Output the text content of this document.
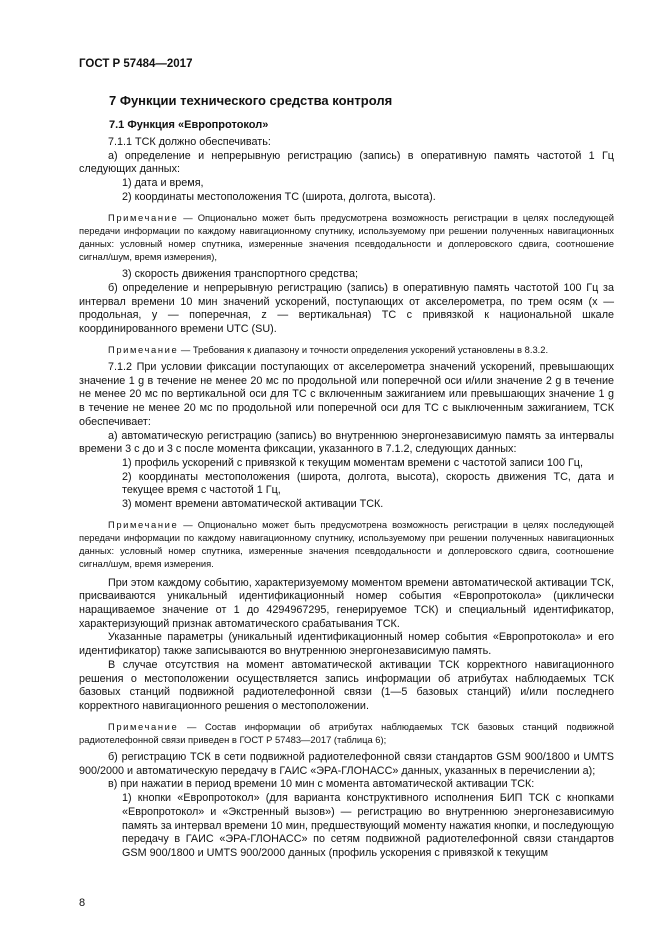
ГОСТ Р 57484—2017
7 Функции технического средства контроля
7.1 Функция «Европротокол»

7.1.1 ТСК должно обеспечивать:

а) определение и непрерывную регистрацию (запись) в оперативную память частотой 1 Гц следующих данных:

1) дата и время,

2) координаты местоположения ТС (широта, долгота, высота).

Примечание — Опционально может быть предусмотрена возможность регистрации в целях последующей передачи информации по каждому навигационному спутнику, используемому при решении полученных навигационных данных: условный номер спутника, измеренные значения псевдодальности и доплеровского сдвига, соотношение сигнал/шум, время измерения),

3) скорость движения транспортного средства;

б) определение и непрерывную регистрацию (запись) в оперативную память частотой 100 Гц за интервал времени 10 мин значений ускорений, поступающих от акселерометра, по трем осям (x — продольная, y — поперечная, z — вертикальная) ТС с привязкой к национальной шкале координированного времени UTC (SU).

Примечание — Требования к диапазону и точности определения ускорений установлены в 8.3.2.

7.1.2 При условии фиксации поступающих от акселерометра значений ускорений, превышающих значение 1 g в течение не менее 20 мс по продольной или поперечной оси и/или значение 2 g в течение не менее 20 мс по вертикальной оси для ТС с включенным зажиганием или превышающих значение 1 g в течение не менее 20 мс по продольной или поперечной оси для ТС с выключенным зажиганием, ТСК обеспечивает:

а) автоматическую регистрацию (запись) во внутреннюю энергонезависимую память за интервалы времени 3 с до и 3 с после момента фиксации, указанного в 7.1.2, следующих данных:

1) профиль ускорений с привязкой к текущим моментам времени с частотой записи 100 Гц,

2) координаты местоположения (широта, долгота, высота), скорость движения ТС, дата и текущее время с частотой 1 Гц,

3) момент времени автоматической активации ТСК.

Примечание — Опционально может быть предусмотрена возможность регистрации в целях последующей передачи информации по каждому навигационному спутнику, используемому при решении полученных навигационных данных: условный номер спутника, измеренные значения псевдодальности и доплеровского сдвига, соотношение сигнал/шум, время измерения.

При этом каждому событию, характеризуемому моментом времени автоматической активации ТСК, присваиваются уникальный идентификационный номер события «Европротокола» (циклически наращиваемое значение от 1 до 4294967295, генерируемое ТСК) и специальный идентификатор, характеризующий признак автоматического срабатывания ТСК.

Указанные параметры (уникальный идентификационный номер события «Европротокола» и его идентификатор) также записываются во внутреннюю энергонезависимую память.

В случае отсутствия на момент автоматической активации ТСК корректного навигационного решения о местоположении осуществляется запись информации об атрибутах наблюдаемых ТСК базовых станций подвижной радиотелефонной связи (1—5 базовых станций) и/или последнего корректного навигационного решения о местоположении.

Примечание — Состав информации об атрибутах наблюдаемых ТСК базовых станций подвижной радиотелефонной связи приведен в ГОСТ Р 57483—2017 (таблица 6);

б) регистрацию ТСК в сети подвижной радиотелефонной связи стандартов GSM 900/1800 и UMTS 900/2000 и автоматическую передачу в ГАИС «ЭРА-ГЛОНАСС» данных, указанных в перечислении а);

в) при нажатии в период времени 10 мин с момента автоматической активации ТСК:

1) кнопки «Европротокол» (для варианта конструктивного исполнения БИП ТСК с кнопками «Европротокол» и «Экстренный вызов») — регистрацию во внутреннюю энергонезависимую память за интервал времени 10 мин, предшествующий моменту нажатия кнопки, и последующую передачу в ГАИС «ЭРА-ГЛОНАСС» по сетям подвижной радиотелефонной связи стандартов GSM 900/1800 и UMTS 900/2000 данных (профиль ускорения с привязкой к текущим

8
